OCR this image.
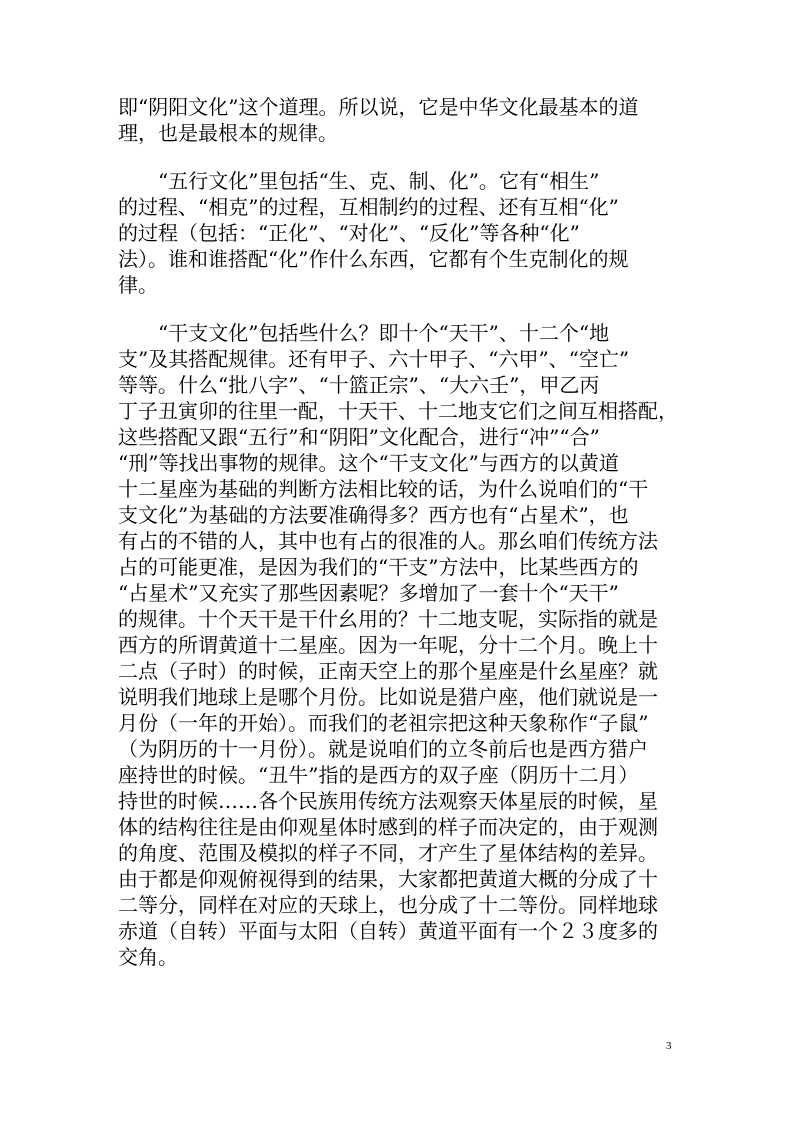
即“阴阳文化”这个道理。所以说，它是中华文化最基本的道
理，也是最根本的规律。
　　“五行文化”里包括“生、克、制、化”。它有“相生”
的过程、“相克”的过程，互相制约的过程、还有互相“化”
的过程（包括：“正化”、“对化”、“反化”等各种“化”
法）。谁和谁搭配“化”作什么东西，它都有个生克制化的规
律。
　　“干支文化”包括些什么？即十个“天干”、十二个“地
支”及其搭配规律。还有甲子、六十甲子、“六甲”、“空亡”
等等。什么“批八字”、“十篮正宗”、“大六壬”，甲乙丙
丁子丑寅卯的往里一配，十天干、十二地支它们之间互相搭配，
这些搭配又跟“五行”和“阴阳”文化配合，进行“冲”“合”
“刑”等找出事物的规律。这个“干支文化”与西方的以黄道
十二星座为基础的判断方法相比较的话，为什么说咱们的“干
支文化”为基础的方法要准确得多？西方也有“占星术”，也
有占的不错的人，其中也有占的很准的人。那幺咱们传统方法
占的可能更准，是因为我们的“干支”方法中，比某些西方的
“占星术”又充实了那些因素呢？多增加了一套十个“天干”
的规律。十个天干是干什幺用的？十二地支呢，实际指的就是
西方的所谓黄道十二星座。因为一年呢，分十二个月。晚上十
二点（子时）的时候，正南天空上的那个星座是什幺星座？就
说明我们地球上是哪个月份。比如说是猎户座，他们就说是一
月份（一年的开始）。而我们的老祖宗把这种天象称作“子鼠”
（为阴历的十一月份）。就是说咱们的立冬前后也是西方猎户
座持世的时候。“丑牛”指的是西方的双子座（阴历十二月）
持世的时候……各个民族用传统方法观察天体星辰的时候，星
体的结构往往是由仰观星体时感到的样子而决定的，由于观测
的角度、范围及模拟的样子不同，才产生了星体结构的差异。
由于都是仰观俯视得到的结果，大家都把黄道大概的分成了十
二等分，同样在对应的天球上，也分成了十二等份。同样地球
赤道（自转）平面与太阳（自转）黄道平面有一个２３度多的
交角。
3
